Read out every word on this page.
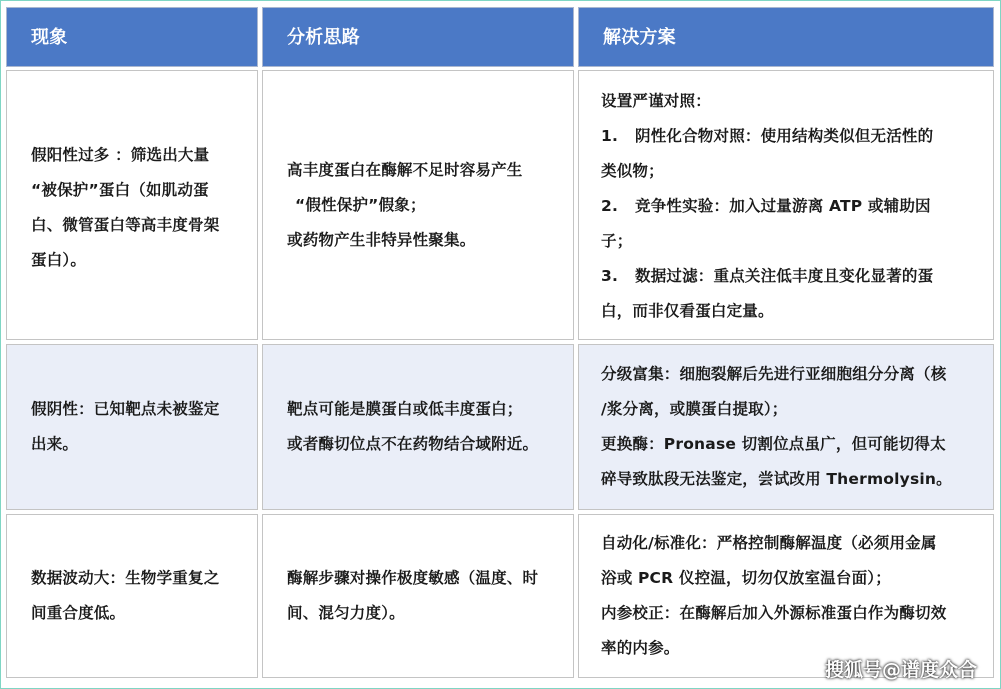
现象	分析思路	解决方案
假阳性过多 ：筛选出大量
“被保护”蛋白（如肌动蛋
白、微管蛋白等高丰度骨架
蛋白）。
高丰度蛋白在酶解不足时容易产生
“假性保护”假象；
或药物产生非特异性聚集。
设置严谨对照：
1. 阴性化合物对照：使用结构类似但无活性的
类似物；
2. 竞争性实验：加入过量游离 ATP 或辅助因
子；
3. 数据过滤：重点关注低丰度且变化显著的蛋
白，而非仅看蛋白定量。
假阴性：已知靶点未被鉴定
出来。
靶点可能是膜蛋白或低丰度蛋白；
或者酶切位点不在药物结合域附近。
分级富集：细胞裂解后先进行亚细胞组分分离（核
/浆分离，或膜蛋白提取）；
更换酶：Pronase 切割位点虽广，但可能切得太
碎导致肽段无法鉴定，尝试改用 Thermolysin。
数据波动大：生物学重复之
间重合度低。
酶解步骤对操作极度敏感（温度、时
间、混匀力度）。
自动化/标准化：严格控制酶解温度（必须用金属
浴或 PCR 仪控温，切勿仅放室温台面）；
内参校正：在酶解后加入外源标准蛋白作为酶切效
率的内参。
搜狐号@谱度众合
